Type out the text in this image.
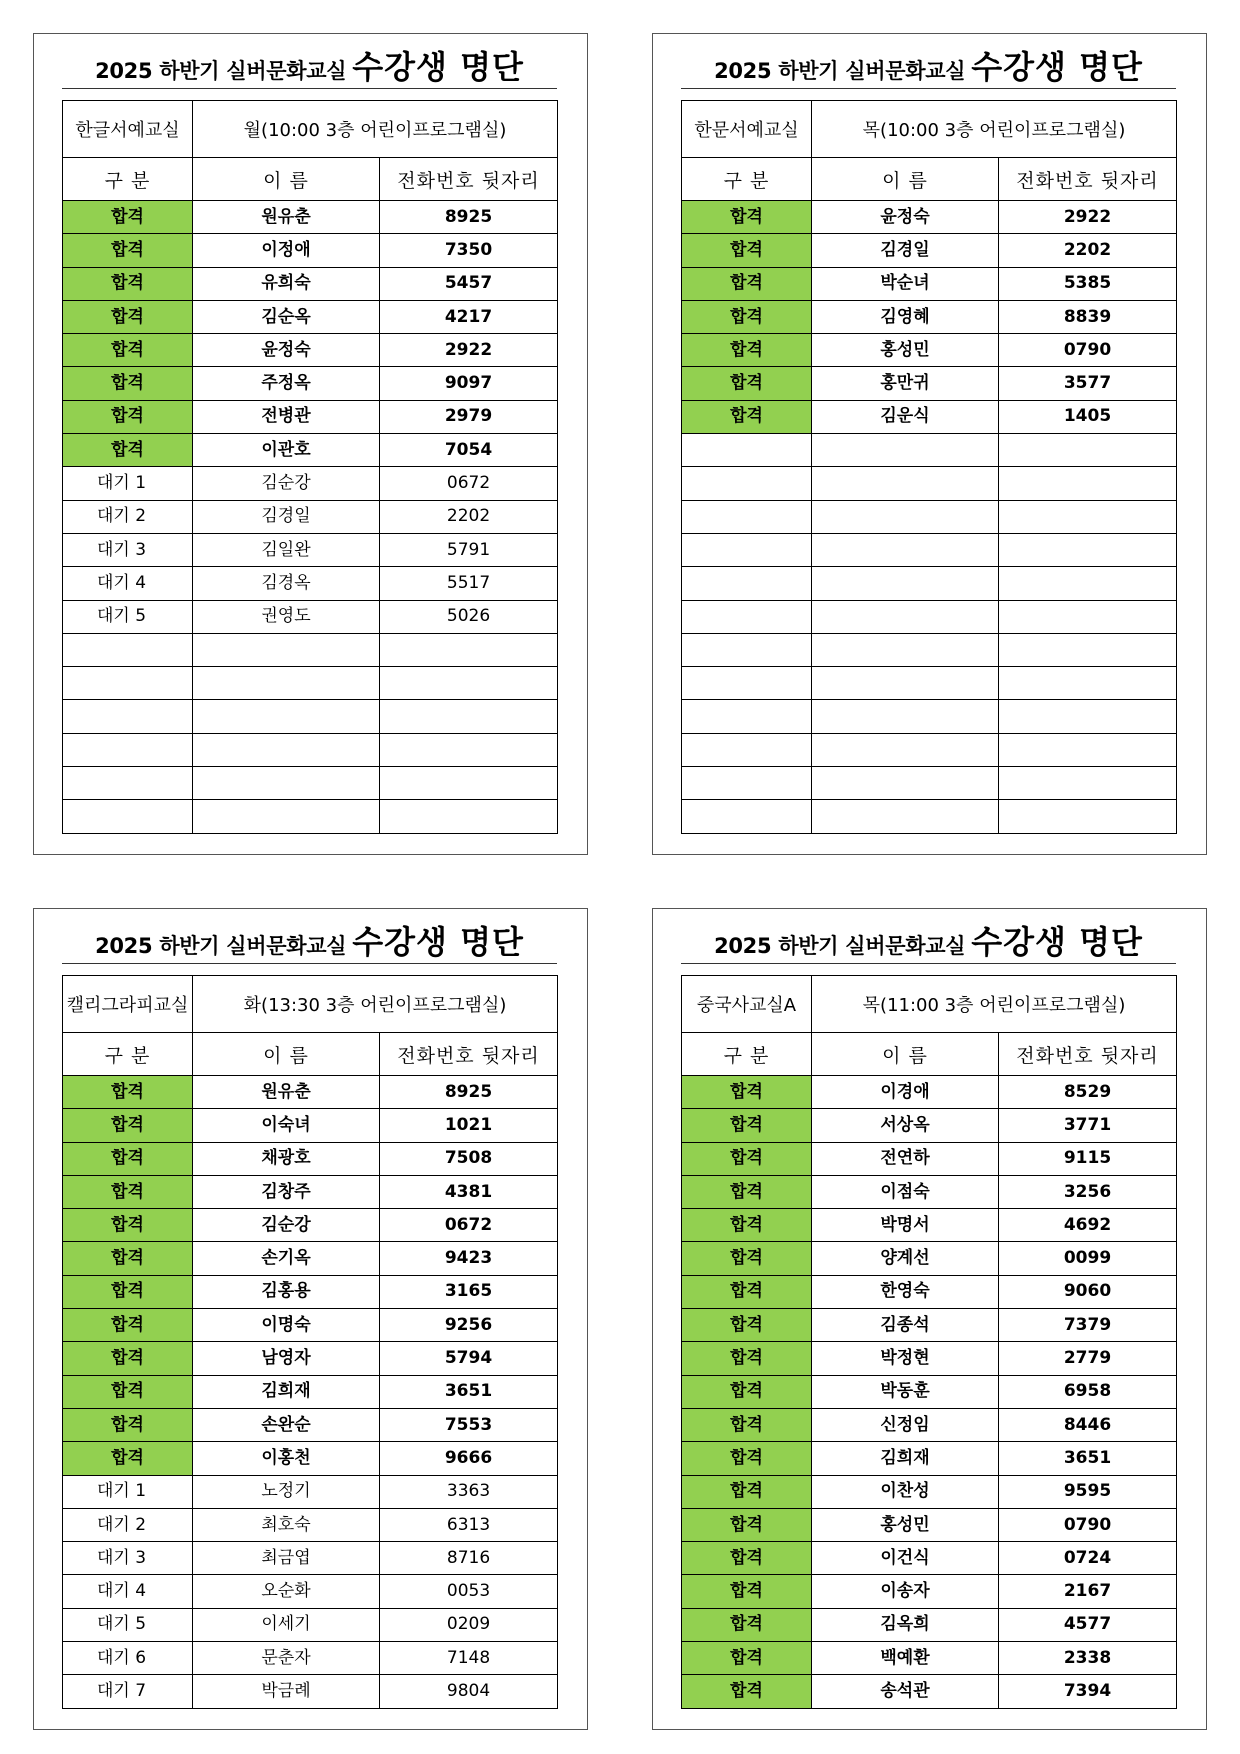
2025 하반기 실버문화교실 수강생 명단
한글서예교실	월(10:00 3층 어린이프로그램실)	
구 분	이 름	전화번호 뒷자리
합격	원유춘	8925
합격	이정애	7350
합격	유희숙	5457
합격	김순옥	4217
합격	윤정숙	2922
합격	주정옥	9097
합격	전병관	2979
합격	이관호	7054
대기 1	김순강	0672
대기 2	김경일	2202
대기 3	김일완	5791
대기 4	김경옥	5517
대기 5	권영도	5026

2025 하반기 실버문화교실 수강생 명단
한문서예교실	목(10:00 3층 어린이프로그램실)	
구 분	이 름	전화번호 뒷자리
합격	윤정숙	2922
합격	김경일	2202
합격	박순녀	5385
합격	김영혜	8839
합격	홍성민	0790
합격	홍만귀	3577
합격	김운식	1405

2025 하반기 실버문화교실 수강생 명단
캘리그라피교실	화(13:30 3층 어린이프로그램실)	
구 분	이 름	전화번호 뒷자리
합격	원유춘	8925
합격	이숙녀	1021
합격	채광호	7508
합격	김창주	4381
합격	김순강	0672
합격	손기옥	9423
합격	김홍용	3165
합격	이명숙	9256
합격	남영자	5794
합격	김희재	3651
합격	손완순	7553
합격	이홍천	9666
대기 1	노정기	3363
대기 2	최호숙	6313
대기 3	최금엽	8716
대기 4	오순화	0053
대기 5	이세기	0209
대기 6	문춘자	7148
대기 7	박금례	9804
2025 하반기 실버문화교실 수강생 명단
중국사교실A	목(11:00 3층 어린이프로그램실)	
구 분	이 름	전화번호 뒷자리
합격	이경애	8529
합격	서상옥	3771
합격	전연하	9115
합격	이점숙	3256
합격	박명서	4692
합격	양계선	0099
합격	한영숙	9060
합격	김종석	7379
합격	박정현	2779
합격	박동훈	6958
합격	신정임	8446
합격	김희재	3651
합격	이찬성	9595
합격	홍성민	0790
합격	이건식	0724
합격	이송자	2167
합격	김옥희	4577
합격	백예환	2338
합격	송석관	7394
